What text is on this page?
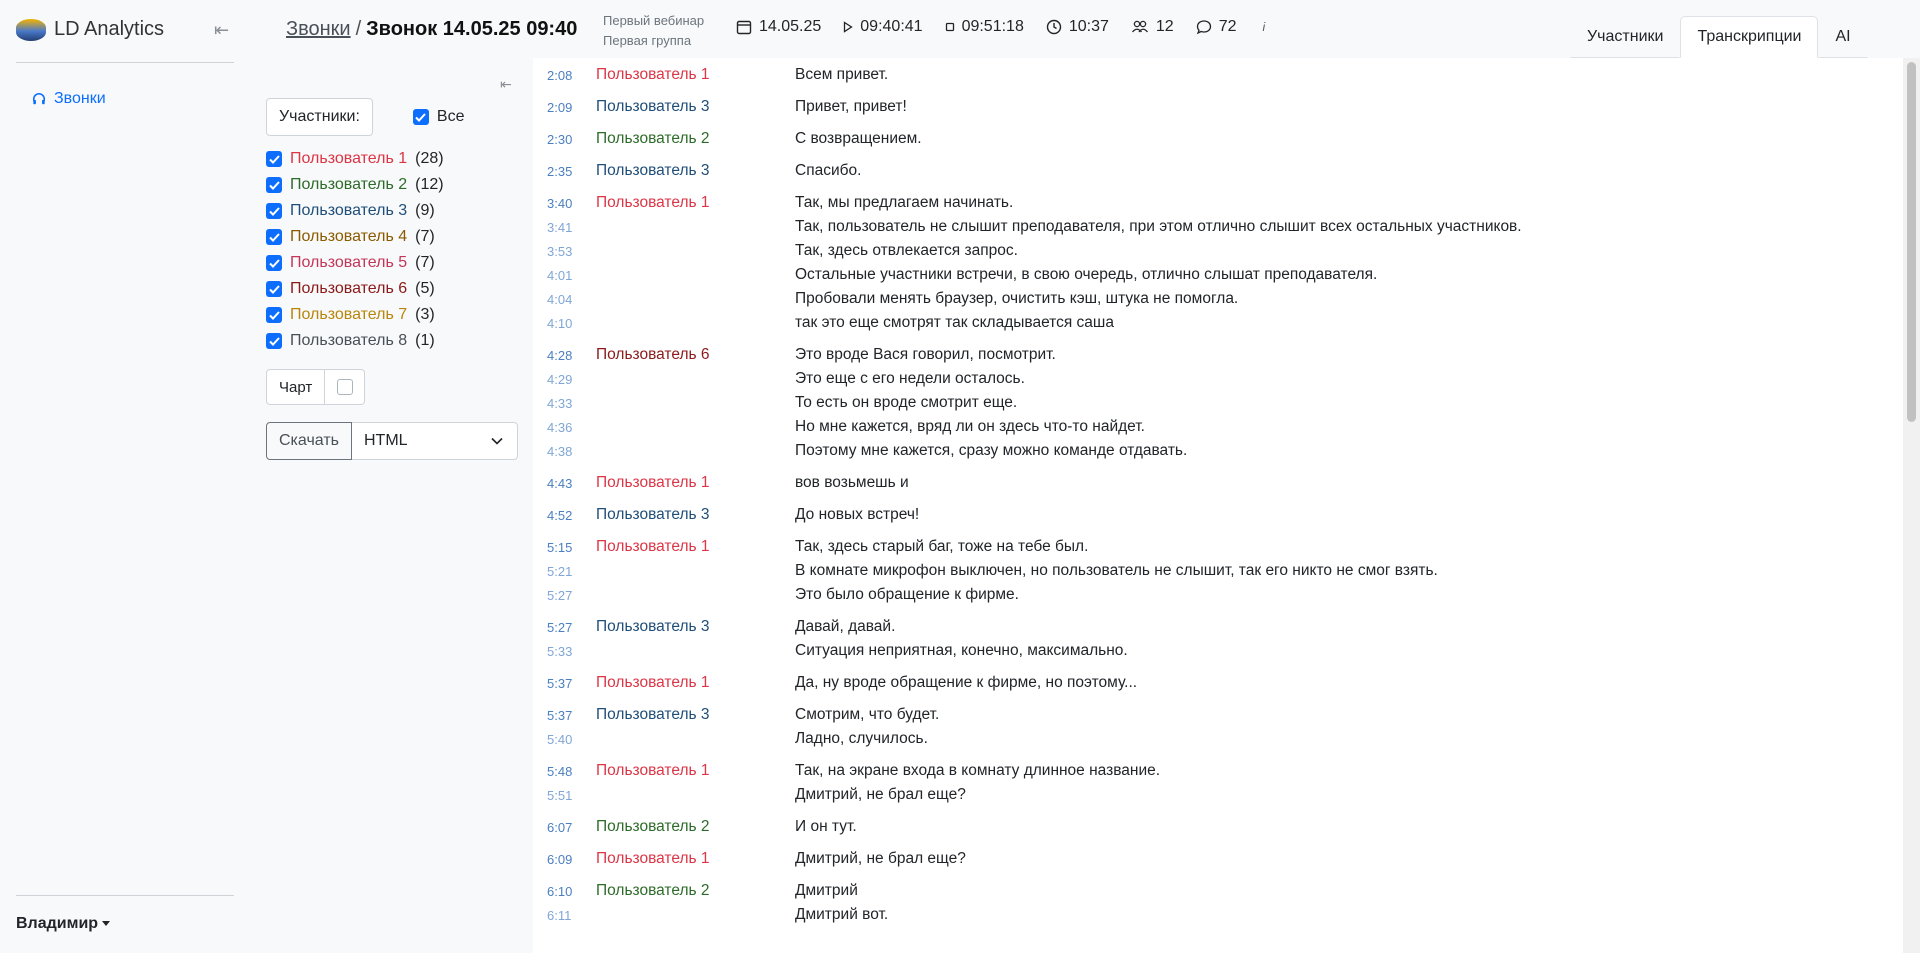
LD Analytics	⇤
Звонки
Владимир
Звонки / Звонок 14.05.25 09:40 Первый вебинар
Первая группа
14.05.25 09:40:41 09:51:18	10:37	12	72 i
Участники	Транскрипции	AI
⇤
Участники:	Все
Пользователь 1 (28)
Пользователь 2 (12)
Пользователь 3 (9)
Пользователь 4 (7)
Пользователь 5 (7)
Пользователь 6 (5)
Пользователь 7 (3)
Пользователь 8 (1)
Чарт
Скачать	HTML
2:08 Пользователь 1	Всем привет.
2:09 Пользователь 3	Привет, привет!
2:30 Пользователь 2	С возвращением.
2:35 Пользователь 3	Спасибо.
3:40 Пользователь 1	Так, мы предлагаем начинать.
3:41	Так, пользователь не слышит преподавателя, при этом отлично слышит всех остальных участников.
3:53	Так, здесь отвлекается запрос.
4:01	Остальные участники встречи, в свою очередь, отлично слышат преподавателя.
4:04	Пробовали менять браузер, очистить кэш, штука не помогла.
4:10	так это еще смотрят так складывается саша
4:28 Пользователь 6	Это вроде Вася говорил, посмотрит.
4:29	Это еще с его недели осталось.
4:33	То есть он вроде смотрит еще.
4:36	Но мне кажется, вряд ли он здесь что-то найдет.
4:38	Поэтому мне кажется, сразу можно команде отдавать.
4:43 Пользователь 1	вов возьмешь и
4:52 Пользователь 3	До новых встреч!
5:15 Пользователь 1	Так, здесь старый баг, тоже на тебе был.
5:21	В комнате микрофон выключен, но пользователь не слышит, так его никто не смог взять.
5:27	Это было обращение к фирме.
5:27 Пользователь 3	Давай, давай.
5:33	Ситуация неприятная, конечно, максимально.
5:37 Пользователь 1	Да, ну вроде обращение к фирме, но поэтому...
5:37 Пользователь 3	Смотрим, что будет.
5:40	Ладно, случилось.
5:48 Пользователь 1	Так, на экране входа в комнату длинное название.
5:51	Дмитрий, не брал еще?
6:07 Пользователь 2	И он тут.
6:09 Пользователь 1	Дмитрий, не брал еще?
6:10 Пользователь 2	Дмитрий
6:11	Дмитрий вот.
